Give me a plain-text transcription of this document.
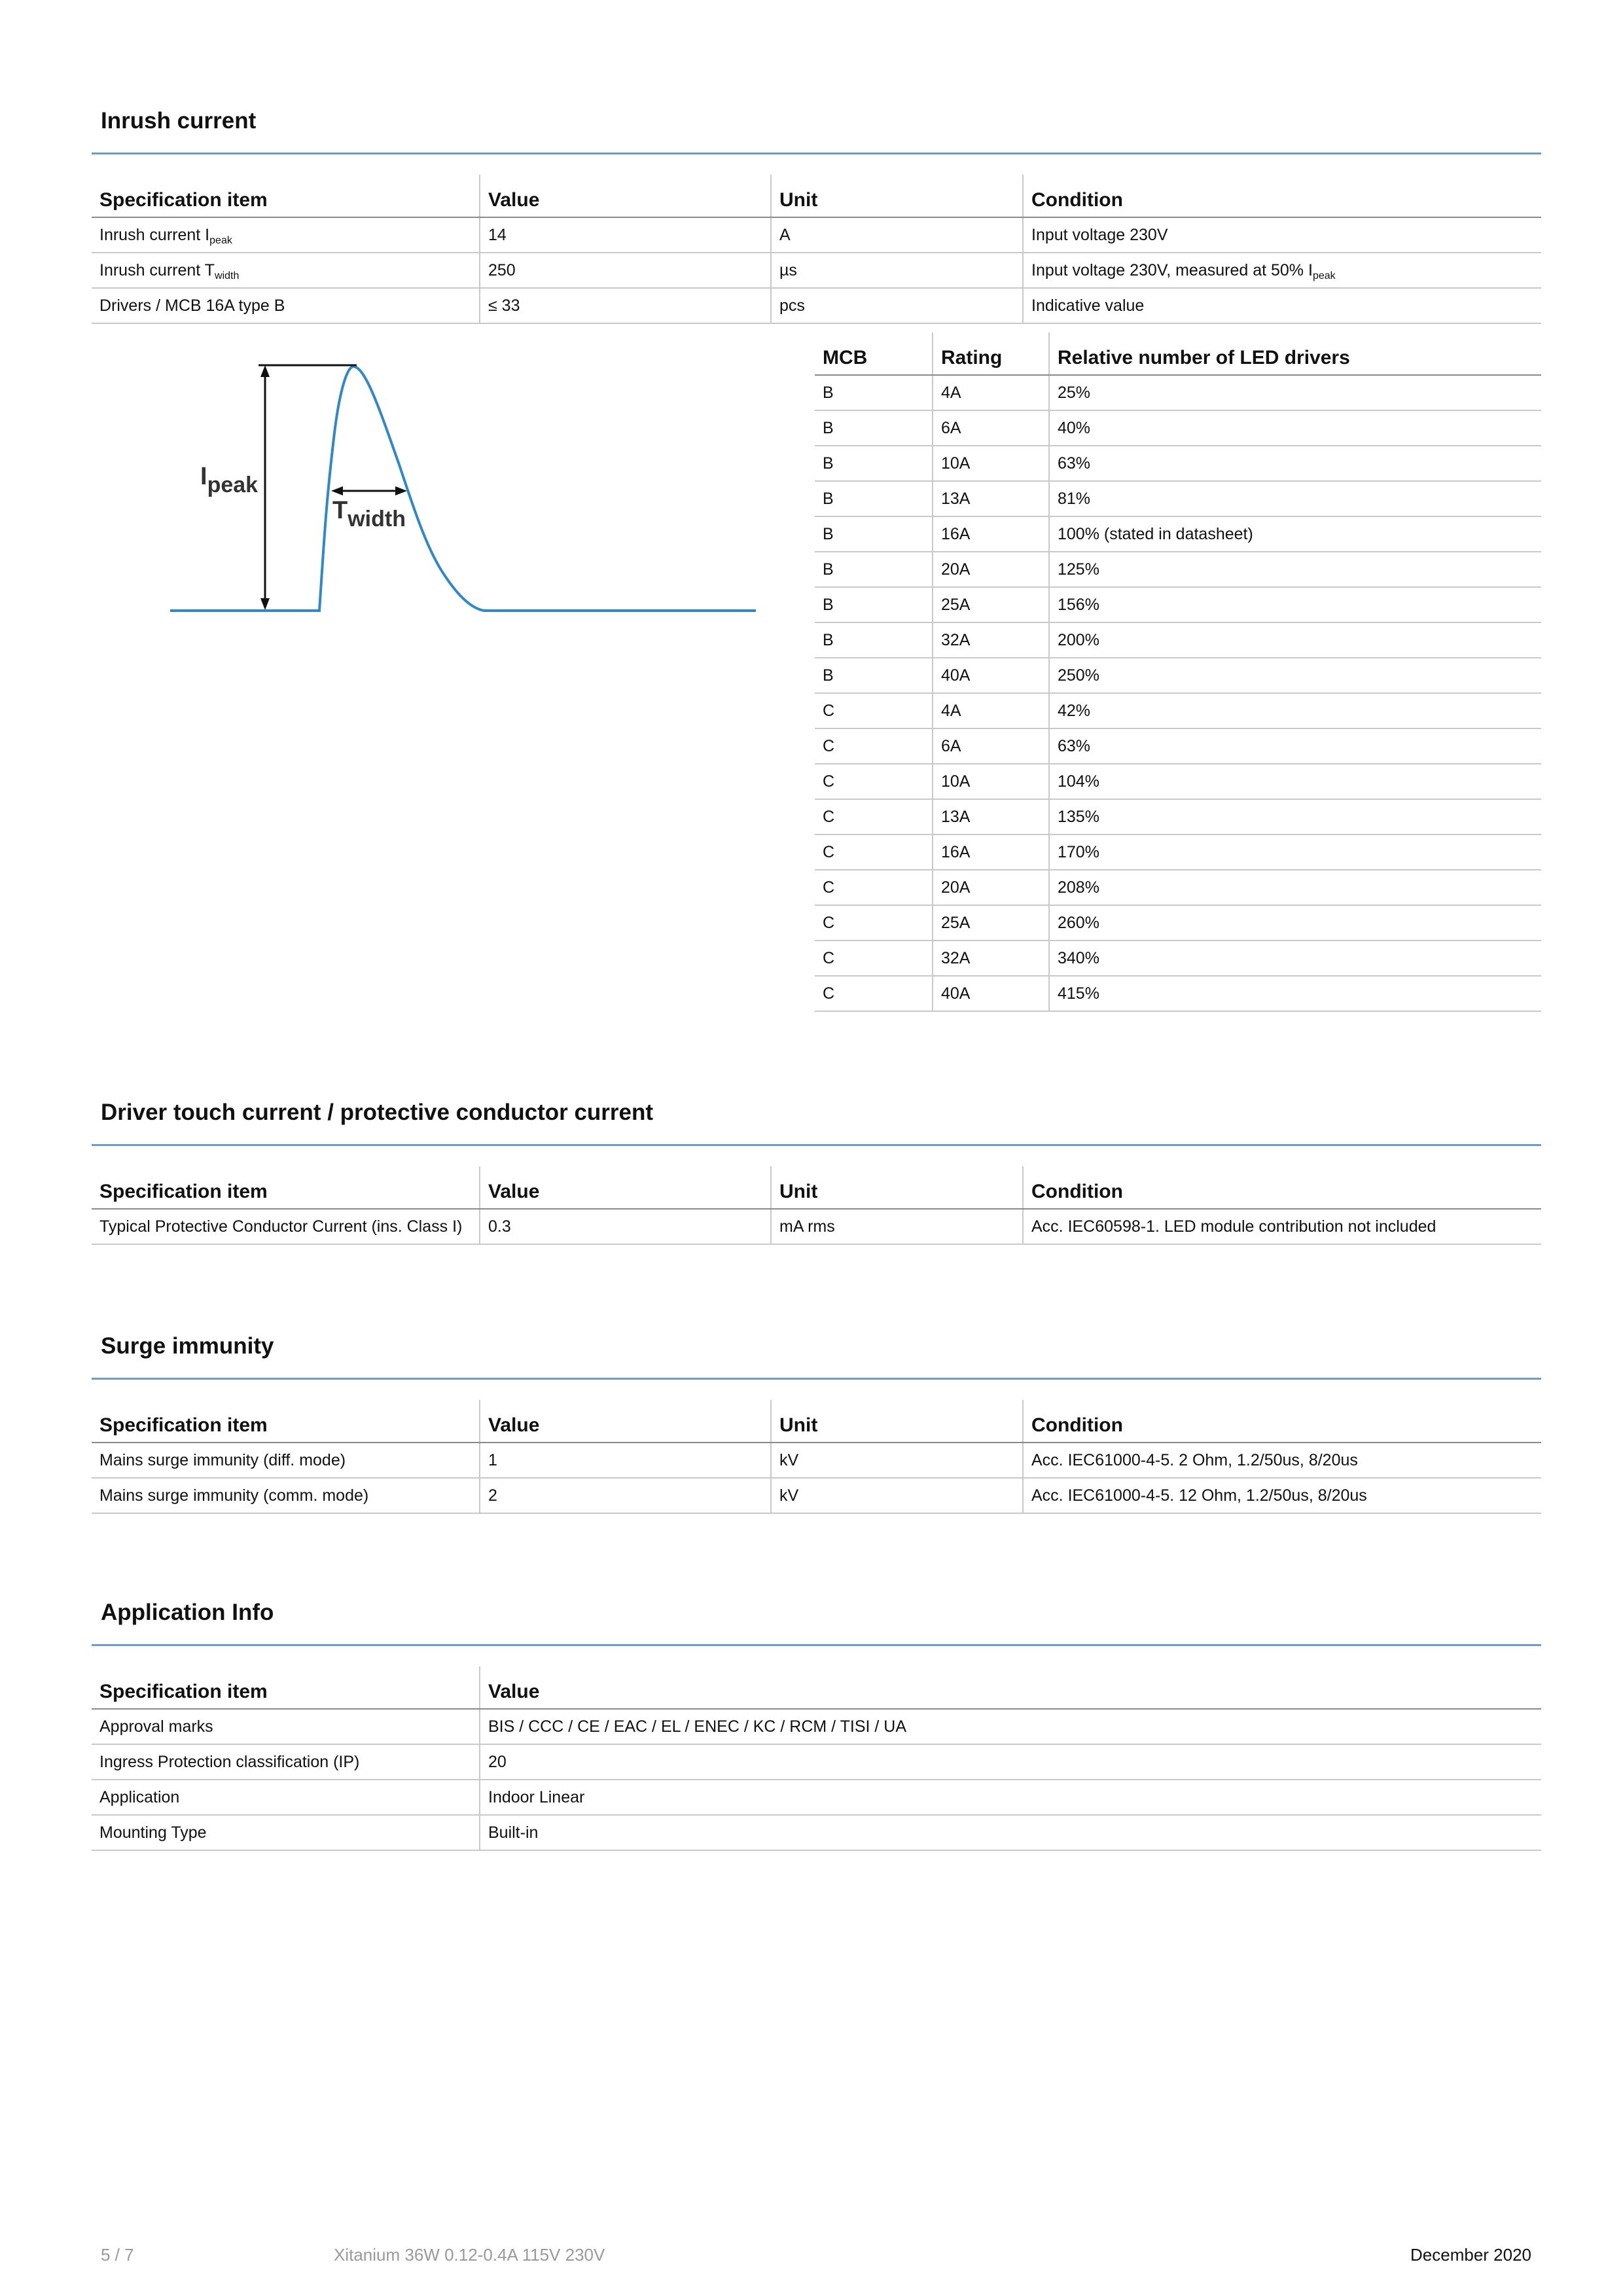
Inrush current
Specification item	Value	Unit	Condition
Inrush current $I_{peak}$	14	A	Input voltage 230V
Inrush current $T_{width}$	250	µs	Input voltage 230V, measured at 50% $I_{peak}$
Drivers / MCB 16A type B	≤ 33	pcs	Indicative value
Ipeak
Twidth
MCB	Rating	Relative number of LED drivers
B	4A	25%
B	6A	40%
B	10A	63%
B	13A	81%
B	16A	100% (stated in datasheet)
B	20A	125%
B	25A	156%
B	32A	200%
B	40A	250%
C	4A	42%
C	6A	63%
C	10A	104%
C	13A	135%
C	16A	170%
C	20A	208%
C	25A	260%
C	32A	340%
C	40A	415%
Driver touch current / protective conductor current
Specification item	Value	Unit	Condition
Typical Protective Conductor Current (ins. Class I)	0.3	mA rms	Acc. IEC60598-1. LED module contribution not included
Surge immunity
Specification item	Value	Unit	Condition
Mains surge immunity (diff. mode)	1	kV	Acc. IEC61000-4-5. 2 Ohm, 1.2/50us, 8/20us
Mains surge immunity (comm. mode)	2	kV	Acc. IEC61000-4-5. 12 Ohm, 1.2/50us, 8/20us
Application Info
Specification item	Value
Approval marks	BIS / CCC / CE / EAC / EL / ENEC / KC / RCM / TISI / UA
Ingress Protection classification (IP)	20
Application	Indoor Linear
Mounting Type	Built-in
5 / 7	Xitanium 36W 0.12-0.4A 115V 230V	December 2020
